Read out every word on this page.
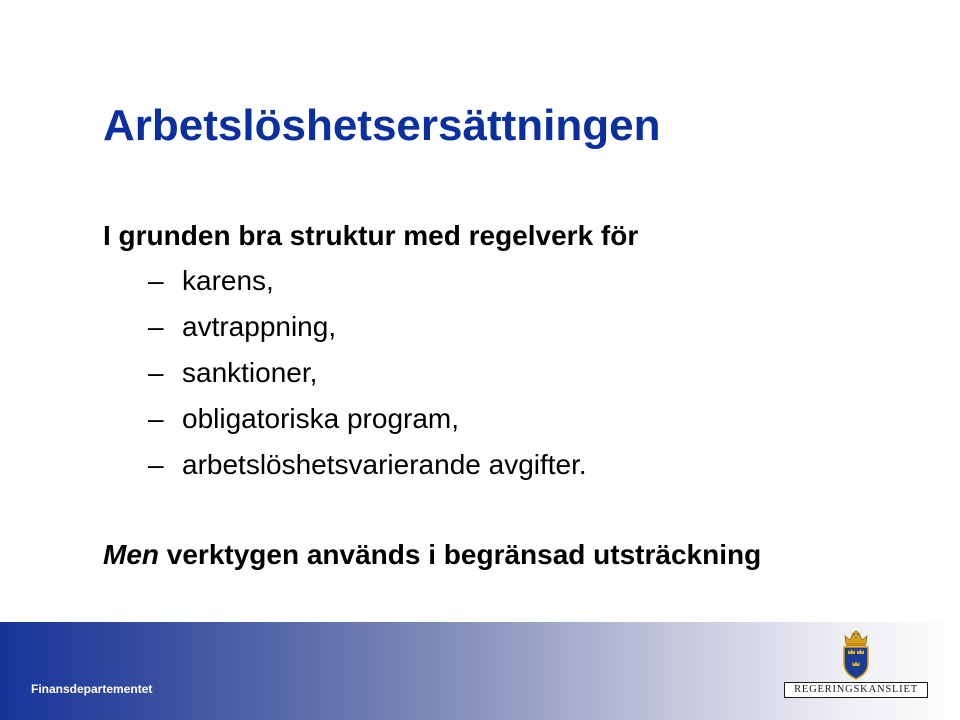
Arbetslöshetsersättningen

I grunden bra struktur med regelverk för

– karens,
– avtrappning,
– sanktioner,
– obligatoriska program,
– arbetslöshetsvarierande avgifter.

Men verktygen används i begränsad utsträckning

Finansdepartementet	REGERINGSKANSLIET
